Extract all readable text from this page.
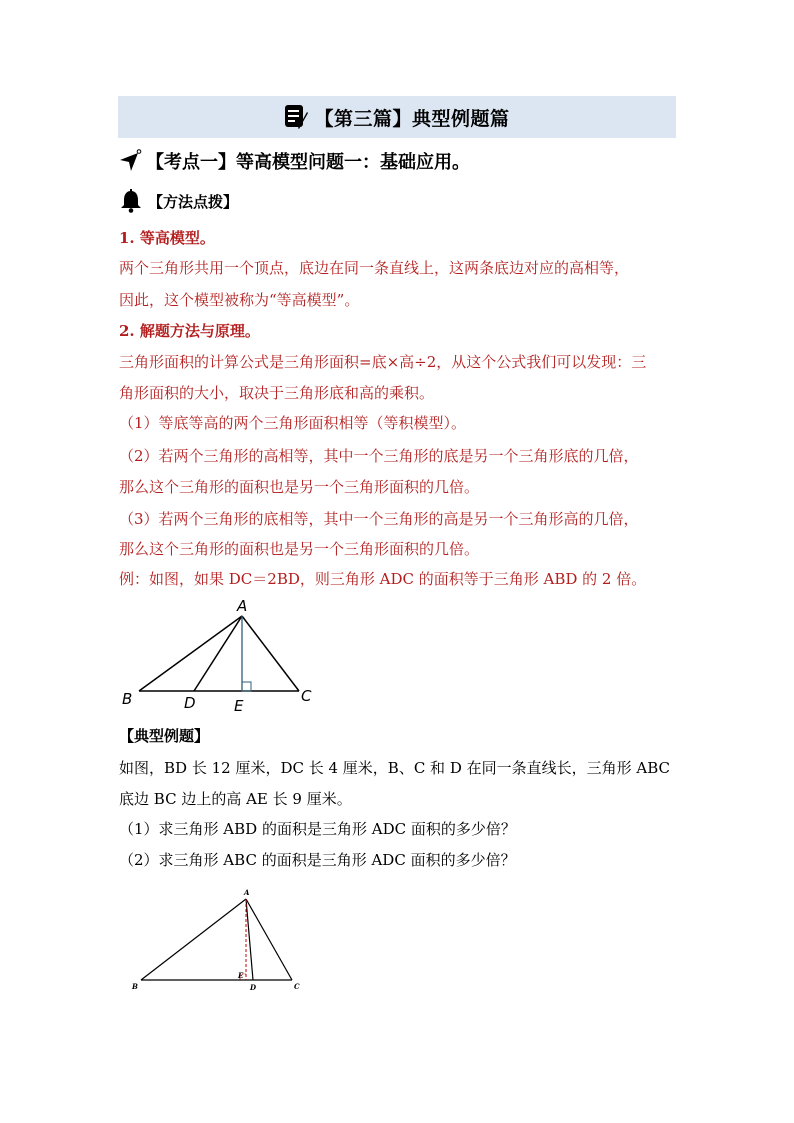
【第三篇】典型例题篇
【考点一】等高模型问题一：基础应用。
【方法点拨】
1. 等高模型。
两个三角形共用一个顶点，底边在同一条直线上，这两条底边对应的高相等，
因此，这个模型被称为“等高模型”。
2. 解题方法与原理。
三角形面积的计算公式是三角形面积=底×高÷2，从这个公式我们可以发现：三
角形面积的大小，取决于三角形底和高的乘积。
（1）等底等高的两个三角形面积相等（等积模型）。
（2）若两个三角形的高相等，其中一个三角形的底是另一个三角形底的几倍，
那么这个三角形的面积也是另一个三角形面积的几倍。
（3）若两个三角形的底相等，其中一个三角形的高是另一个三角形高的几倍，
那么这个三角形的面积也是另一个三角形面积的几倍。
例：如图，如果 DC＝2BD，则三角形 ADC 的面积等于三角形 ABD 的 2 倍。
A
B	C
D	E
【典型例题】
如图，BD 长 12 厘米，DC 长 4 厘米，B、C 和 D 在同一条直线长，三角形 ABC
底边 BC 边上的高 AE 长 9 厘米。
（1）求三角形 ABD 的面积是三角形 ADC 面积的多少倍？
（2）求三角形 ABC 的面积是三角形 ADC 面积的多少倍？
A
B	C
D
E
